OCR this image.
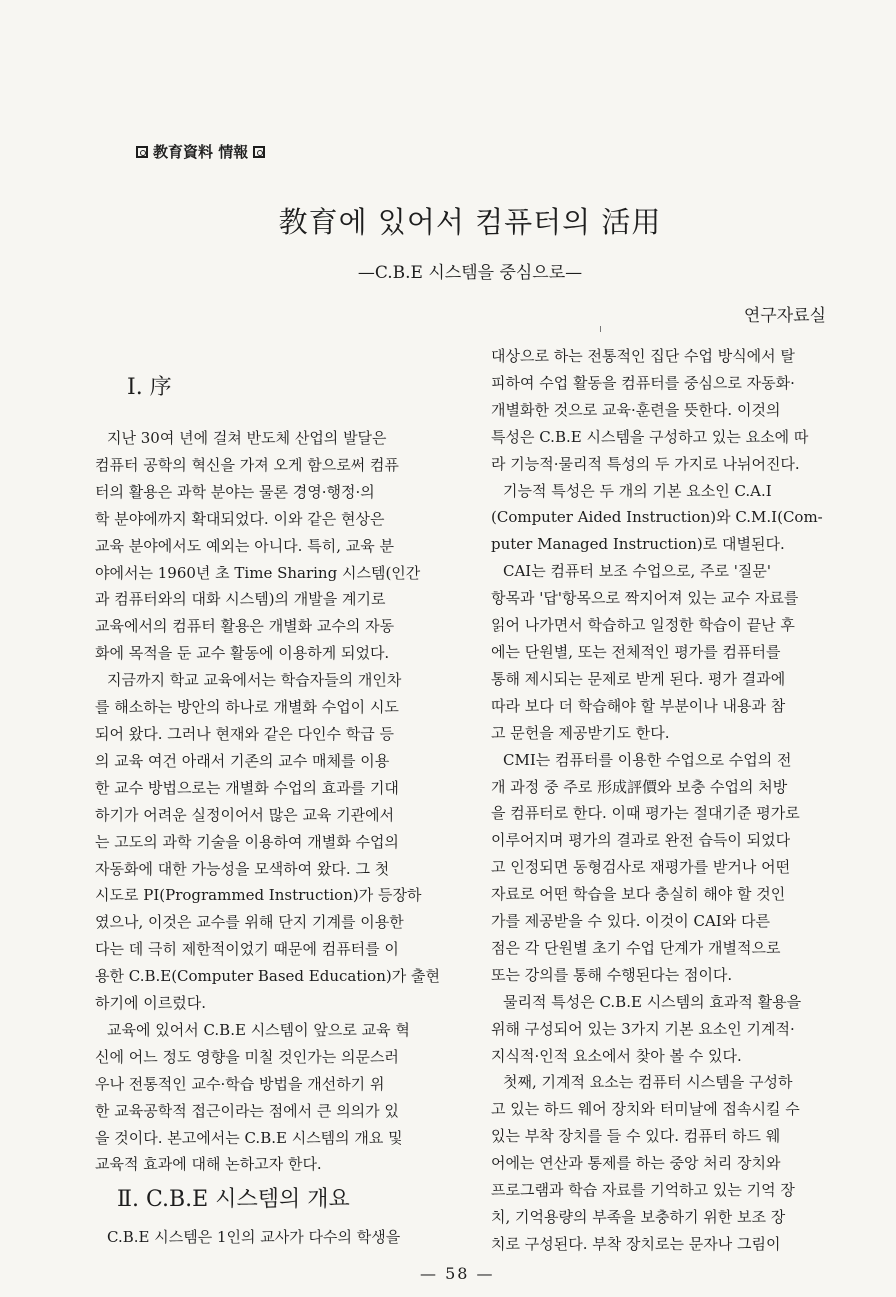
教育資料 情報
教育에 있어서 컴퓨터의 活用
—C.B.E 시스템을 중심으로—
연구자료실
Ⅰ. 序

지난 30여 년에 걸쳐 반도체 산업의 발달은

컴퓨터 공학의 혁신을 가져 오게 함으로써 컴퓨

터의 활용은 과학 분야는 물론 경영·행정·의

학 분야에까지 확대되었다. 이와 같은 현상은

교육 분야에서도 예외는 아니다. 특히, 교육 분

야에서는 1960년 초 Time Sharing 시스템(인간

과 컴퓨터와의 대화 시스템)의 개발을 계기로

교육에서의 컴퓨터 활용은 개별화 교수의 자동

화에 목적을 둔 교수 활동에 이용하게 되었다.

지금까지 학교 교육에서는 학습자들의 개인차

를 해소하는 방안의 하나로 개별화 수업이 시도

되어 왔다. 그러나 현재와 같은 다인수 학급 등

의 교육 여건 아래서 기존의 교수 매체를 이용

한 교수 방법으로는 개별화 수업의 효과를 기대

하기가 어려운 실정이어서 많은 교육 기관에서

는 고도의 과학 기술을 이용하여 개별화 수업의

자동화에 대한 가능성을 모색하여 왔다. 그 첫

시도로 PI(Programmed Instruction)가 등장하

였으나, 이것은 교수를 위해 단지 기계를 이용한

다는 데 극히 제한적이었기 때문에 컴퓨터를 이

용한 C.B.E(Computer Based Education)가 출현

하기에 이르렀다.

교육에 있어서 C.B.E 시스템이 앞으로 교육 혁

신에 어느 정도 영향을 미칠 것인가는 의문스러

우나 전통적인 교수·학습 방법을 개선하기 위

한 교육공학적 접근이라는 점에서 큰 의의가 있

을 것이다. 본고에서는 C.B.E 시스템의 개요 및

교육적 효과에 대해 논하고자 한다.

Ⅱ. C.B.E 시스템의 개요

C.B.E 시스템은 1인의 교사가 다수의 학생을

대상으로 하는 전통적인 집단 수업 방식에서 탈

피하여 수업 활동을 컴퓨터를 중심으로 자동화·

개별화한 것으로 교육·훈련을 뜻한다. 이것의

특성은 C.B.E 시스템을 구성하고 있는 요소에 따

라 기능적·물리적 특성의 두 가지로 나뉘어진다.

기능적 특성은 두 개의 기본 요소인 C.A.I

(Computer Aided Instruction)와 C.M.I(Com-

puter Managed Instruction)로 대별된다.

CAI는 컴퓨터 보조 수업으로, 주로 '질문'

항목과 '답'항목으로 짝지어져 있는 교수 자료를

읽어 나가면서 학습하고 일정한 학습이 끝난 후

에는 단원별, 또는 전체적인 평가를 컴퓨터를

통해 제시되는 문제로 받게 된다. 평가 결과에

따라 보다 더 학습해야 할 부분이나 내용과 참

고 문헌을 제공받기도 한다.

CMI는 컴퓨터를 이용한 수업으로 수업의 전

개 과정 중 주로 形成評價와 보충 수업의 처방

을 컴퓨터로 한다. 이때 평가는 절대기준 평가로

이루어지며 평가의 결과로 완전 습득이 되었다

고 인정되면 동형검사로 재평가를 받거나 어떤

자료로 어떤 학습을 보다 충실히 해야 할 것인

가를 제공받을 수 있다. 이것이 CAI와 다른

점은 각 단원별 초기 수업 단계가 개별적으로

또는 강의를 통해 수행된다는 점이다.

물리적 특성은 C.B.E 시스템의 효과적 활용을

위해 구성되어 있는 3가지 기본 요소인 기계적·

지식적·인적 요소에서 찾아 볼 수 있다.

첫째, 기계적 요소는 컴퓨터 시스템을 구성하

고 있는 하드 웨어 장치와 터미날에 접속시킬 수

있는 부착 장치를 들 수 있다. 컴퓨터 하드 웨

어에는 연산과 통제를 하는 중앙 처리 장치와

프로그램과 학습 자료를 기억하고 있는 기억 장

치, 기억용량의 부족을 보충하기 위한 보조 장

치로 구성된다. 부착 장치로는 문자나 그림이

— 58 —
